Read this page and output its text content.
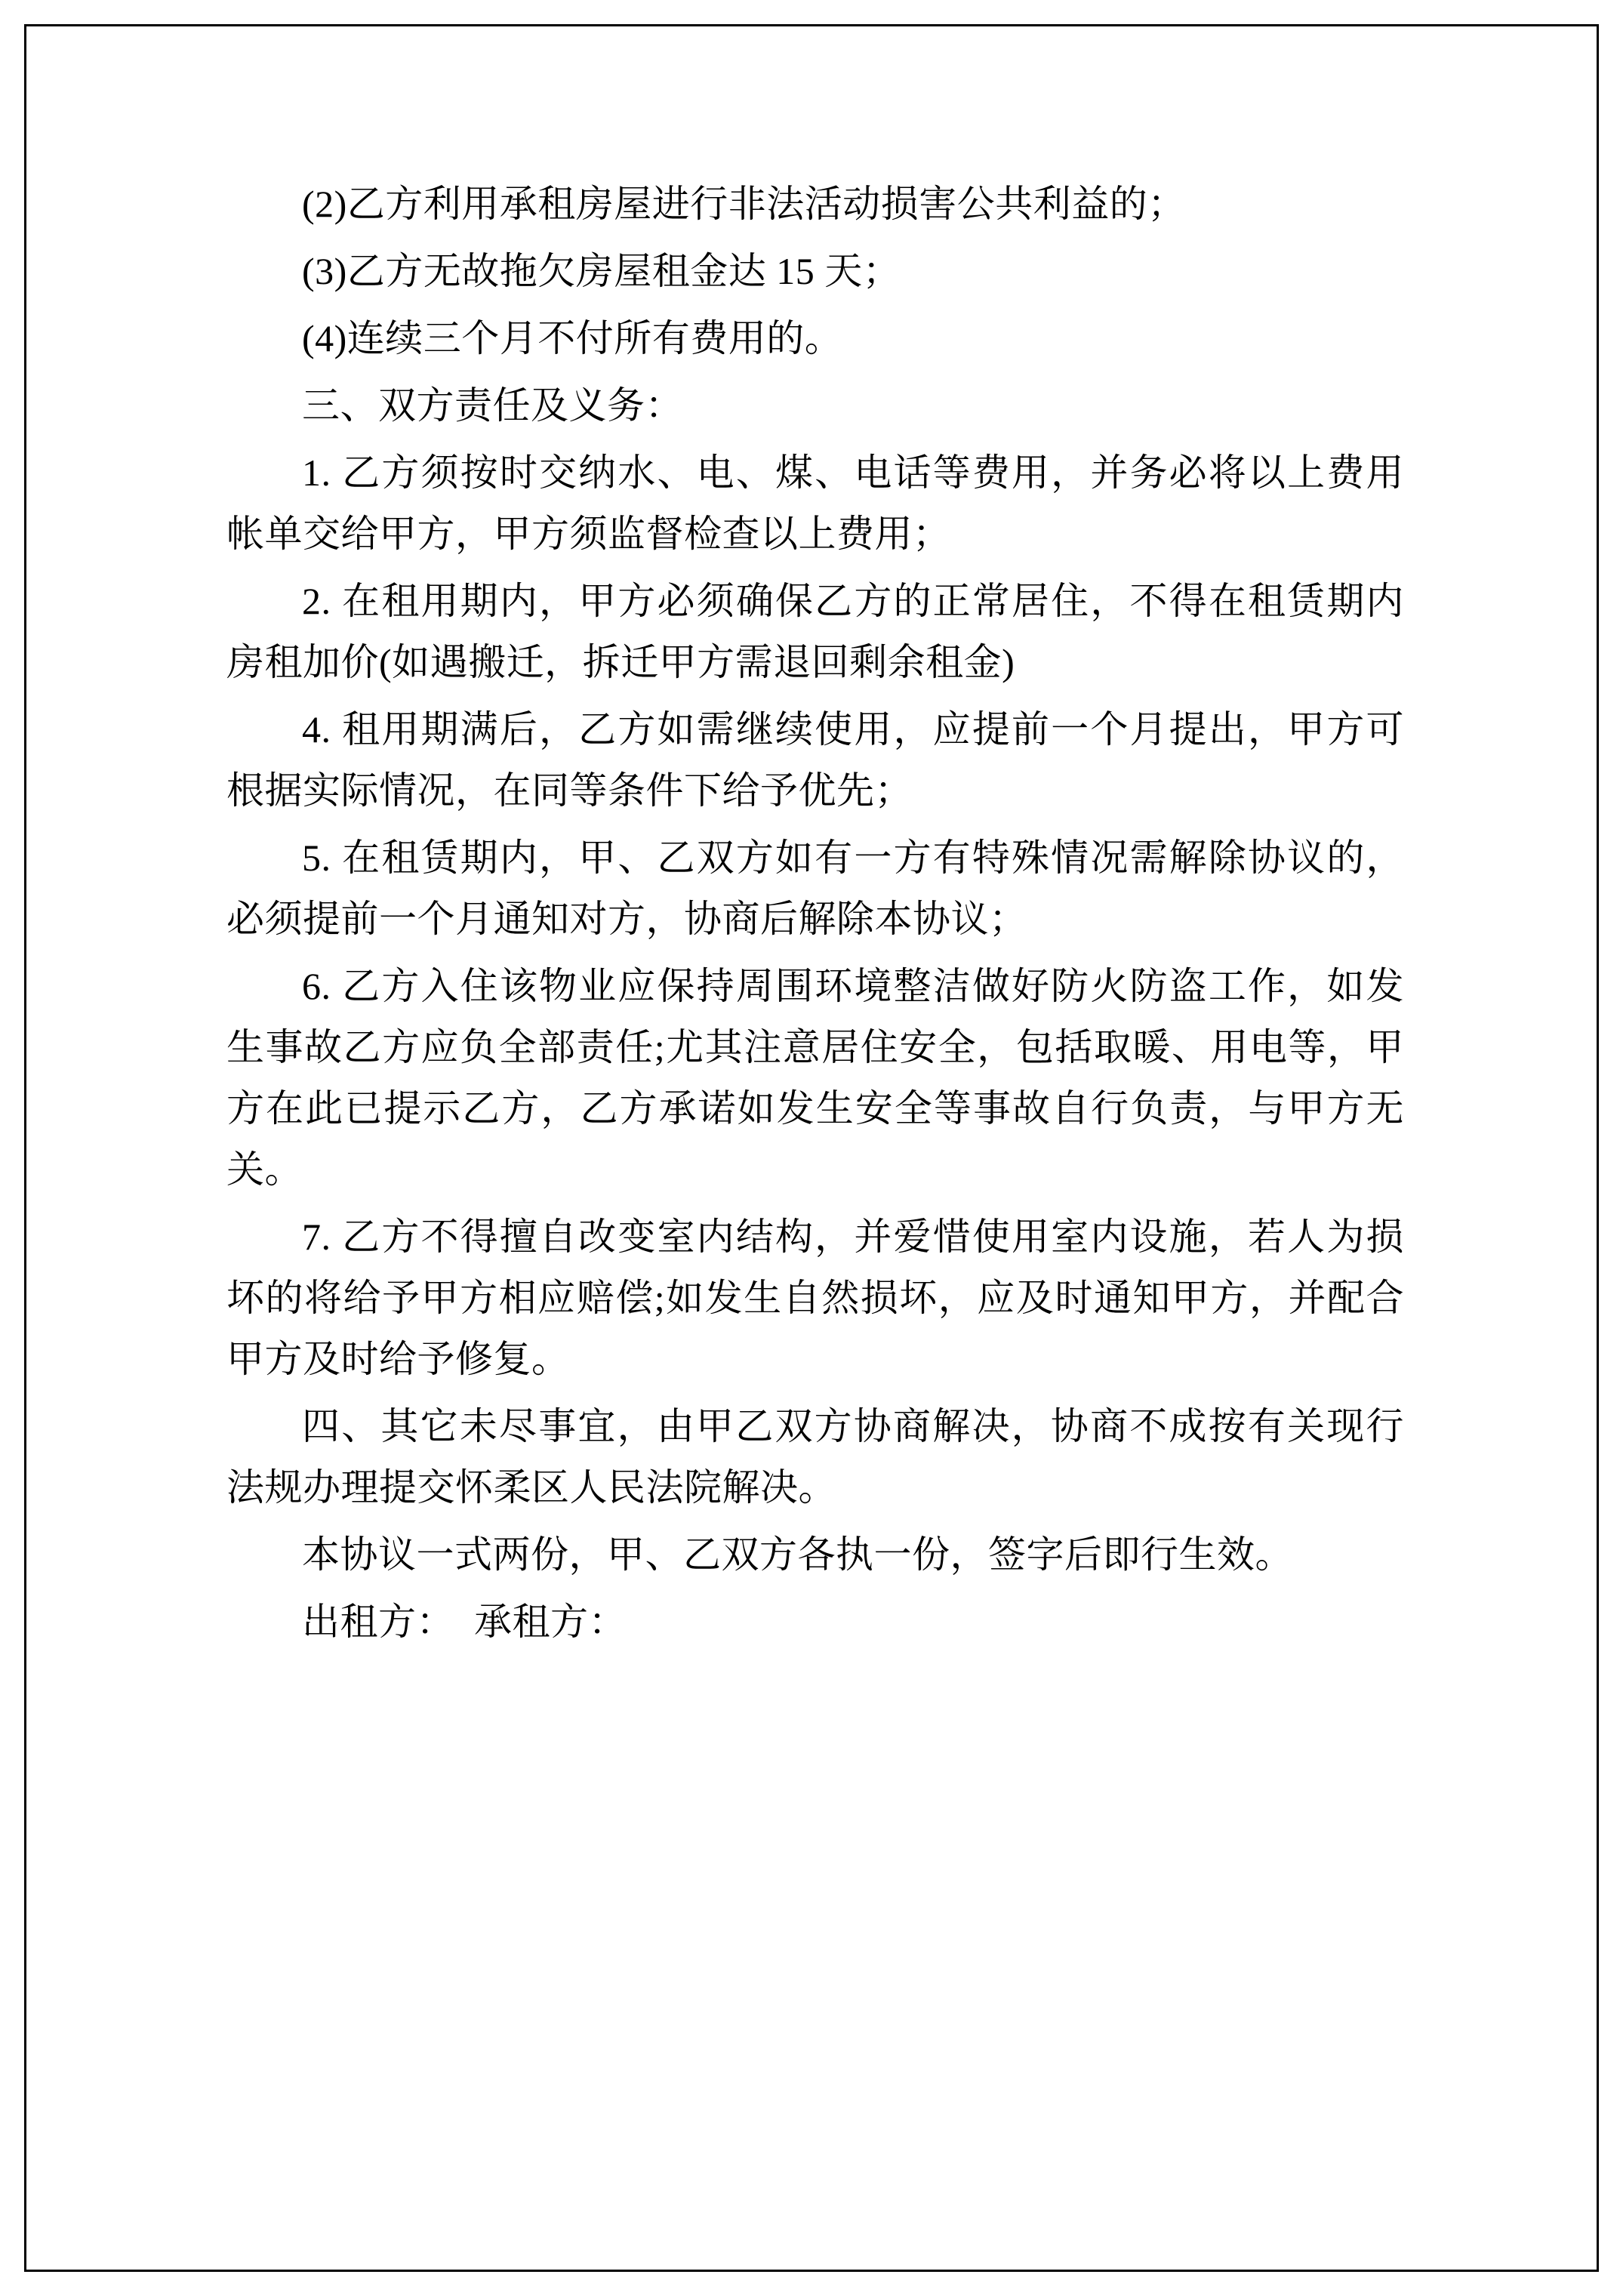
(2)乙方利用承租房屋进行非法活动损害公共利益的；

(3)乙方无故拖欠房屋租金达 15 天；

(4)连续三个月不付所有费用的。

三、双方责任及义务：

1. 乙方须按时交纳水、电、煤、电话等费用，并务必将以上费用帐单交给甲方，甲方须监督检查以上费用；

2. 在租用期内，甲方必须确保乙方的正常居住，不得在租赁期内房租加价(如遇搬迁，拆迁甲方需退回剩余租金)

4. 租用期满后，乙方如需继续使用，应提前一个月提出，甲方可根据实际情况，在同等条件下给予优先；

5. 在租赁期内，甲、乙双方如有一方有特殊情况需解除协议的，必须提前一个月通知对方，协商后解除本协议；

6. 乙方入住该物业应保持周围环境整洁做好防火防盗工作，如发生事故乙方应负全部责任;尤其注意居住安全，包括取暖、用电等，甲方在此已提示乙方，乙方承诺如发生安全等事故自行负责，与甲方无关。

7. 乙方不得擅自改变室内结构，并爱惜使用室内设施，若人为损坏的将给予甲方相应赔偿;如发生自然损坏，应及时通知甲方，并配合甲方及时给予修复。

四、其它未尽事宜，由甲乙双方协商解决，协商不成按有关现行法规办理提交怀柔区人民法院解决。

本协议一式两份，甲、乙双方各执一份，签字后即行生效。

出租方：  承租方：
